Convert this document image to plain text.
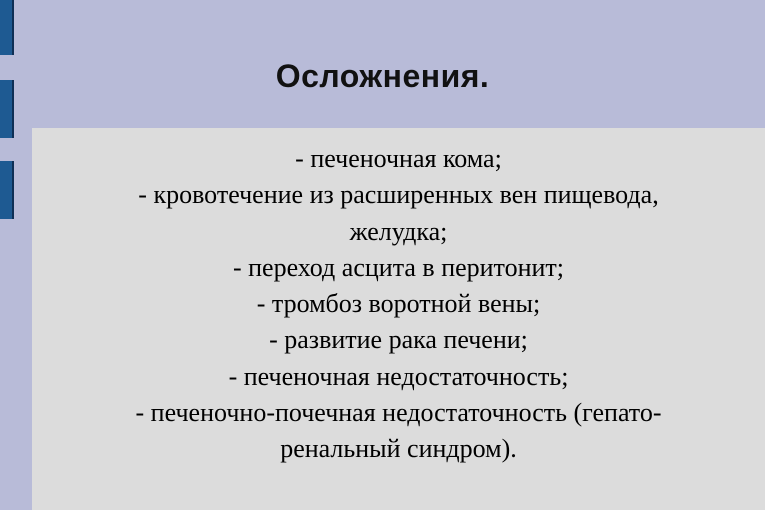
Осложнения.
- печеночная кома;
- кровотечение из расширенных вен пищевода,
желудка;
- переход асцита в перитонит;
- тромбоз воротной вены;
- развитие рака печени;
- печеночная недостаточность;
- печеночно-почечная недостаточность (гепато-
ренальный синдром).
